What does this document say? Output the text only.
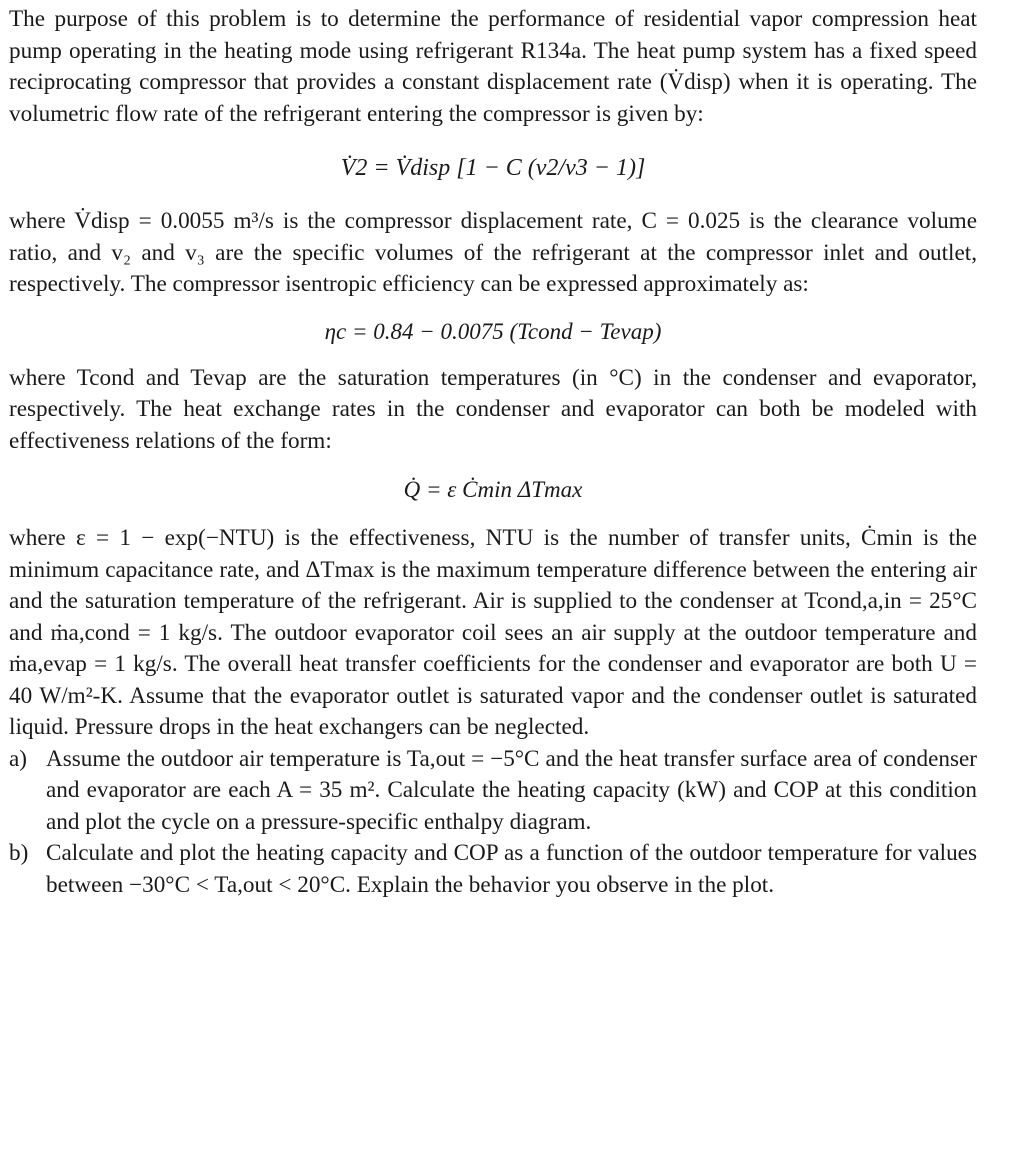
The purpose of this problem is to determine the performance of residential vapor compression heat pump operating in the heating mode using refrigerant R134a. The heat pump system has a fixed speed reciprocating compressor that provides a constant displacement rate (V̇disp) when it is operating. The volumetric flow rate of the refrigerant entering the compressor is given by:

V̇2 = V̇disp [1 − C (v2/v3 − 1)]

where V̇disp = 0.0055 m³/s is the compressor displacement rate, C = 0.025 is the clearance volume ratio, and v₂ and v₃ are the specific volumes of the refrigerant at the compressor inlet and outlet, respectively. The compressor isentropic efficiency can be expressed approximately as:

ηc = 0.84 − 0.0075 (Tcond − Tevap)

where Tcond and Tevap are the saturation temperatures (in °C) in the condenser and evaporator, respectively. The heat exchange rates in the condenser and evaporator can both be modeled with effectiveness relations of the form:

Q̇ = ε Ċmin ΔTmax

where ε = 1 − exp(−NTU) is the effectiveness, NTU is the number of transfer units, Ċmin is the minimum capacitance rate, and ΔTmax is the maximum temperature difference between the entering air and the saturation temperature of the refrigerant. Air is supplied to the condenser at Tcond,a,in = 25°C and ṁa,cond = 1 kg/s. The outdoor evaporator coil sees an air supply at the outdoor temperature and ṁa,evap = 1 kg/s. The overall heat transfer coefficients for the condenser and evaporator are both U = 40 W/m²-K. Assume that the evaporator outlet is saturated vapor and the condenser outlet is saturated liquid. Pressure drops in the heat exchangers can be neglected.

a) Assume the outdoor air temperature is Ta,out = −5°C and the heat transfer surface area of condenser and evaporator are each A = 35 m². Calculate the heating capacity (kW) and COP at this condition and plot the cycle on a pressure-specific enthalpy diagram.
b) Calculate and plot the heating capacity and COP as a function of the outdoor temperature for values between −30°C < Ta,out < 20°C. Explain the behavior you observe in the plot.
